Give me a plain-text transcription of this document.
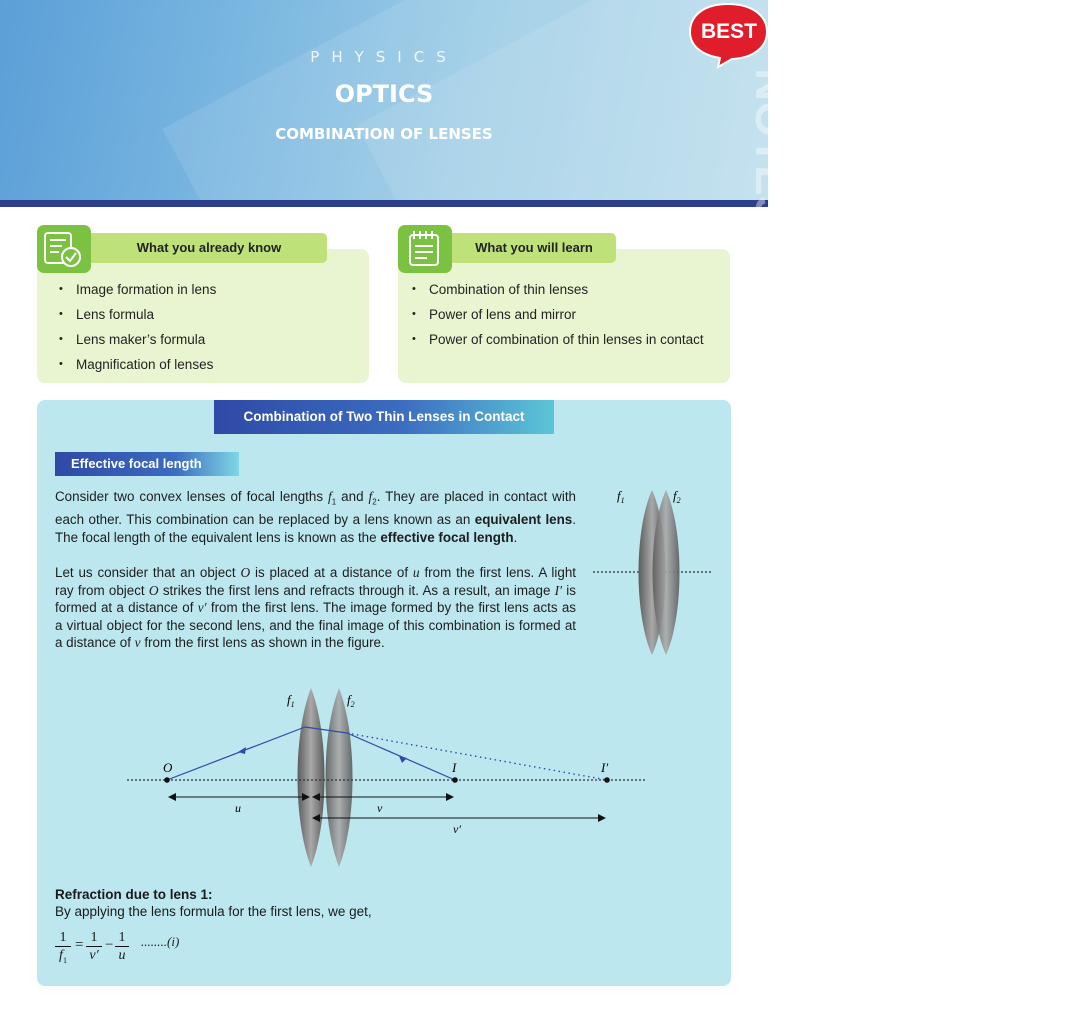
PHYSICS
OPTICS
COMBINATION OF LENSES
BEST
NOTES
What you already know
• Image formation in lens
• Lens formula
• Lens maker’s formula
• Magnification of lenses
What you will learn
• Combination of thin lenses
• Power of lens and mirror
• Power of combination of thin lenses in contact
Combination of Two Thin Lenses in Contact
Effective focal length

Consider two convex lenses of focal lengths $f_1$ and $f_2$. They are placed in contact with each other. This combination can be replaced by a lens known as an equivalent lens. The focal length of the equivalent lens is known as the effective focal length.

Let us consider that an object O is placed at a distance of u from the first lens. A light ray from object O strikes the first lens and refracts through it. As a result, an image I′ is formed at a distance of v′ from the first lens. The image formed by the first lens acts as a virtual object for the second lens, and the final image of this combination is formed at a distance of v from the first lens as shown in the figure.

$f_1$	$f_2$
O	I	I′
$f_1$	$f_2$
u	v
v′
Refraction due to lens 1:
By applying the lens formula for the first lens, we get,
$\frac{1}{f_1} = \frac{1}{v'} - \frac{1}{u} ........(i)$
